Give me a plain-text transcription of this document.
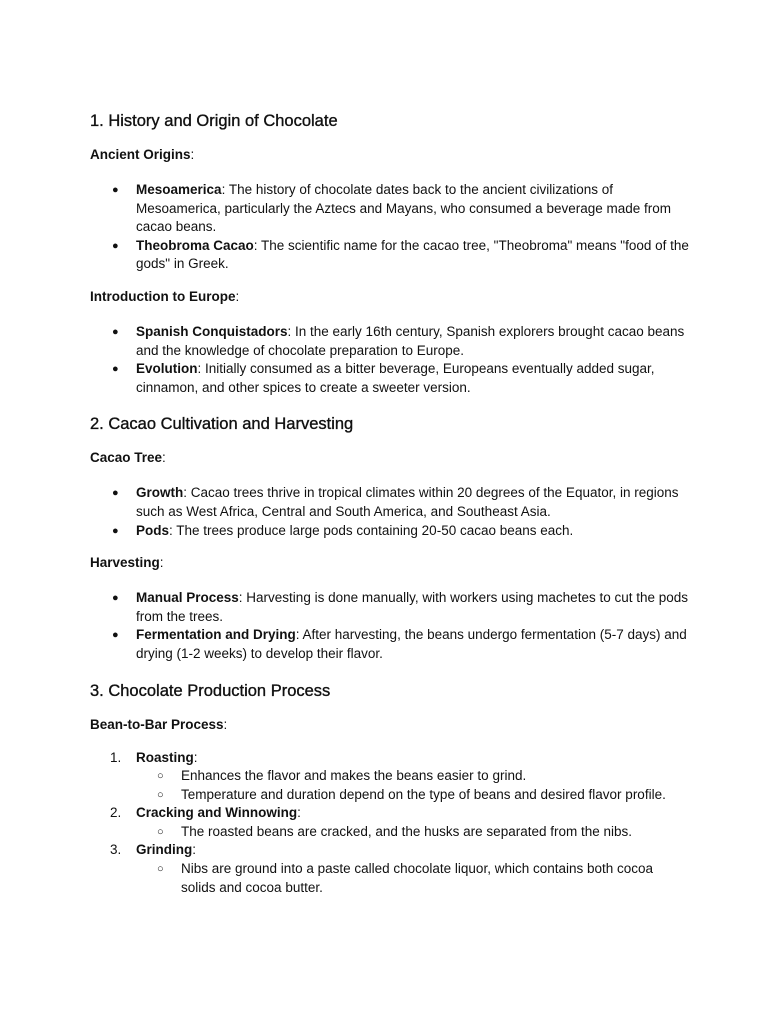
1. History and Origin of Chocolate

Ancient Origins:

● Mesoamerica: The history of chocolate dates back to the ancient civilizations of Mesoamerica, particularly the Aztecs and Mayans, who consumed a beverage made from cacao beans.
● Theobroma Cacao: The scientific name for the cacao tree, "Theobroma" means "food of the gods" in Greek.

Introduction to Europe:

● Spanish Conquistadors: In the early 16th century, Spanish explorers brought cacao beans and the knowledge of chocolate preparation to Europe.
● Evolution: Initially consumed as a bitter beverage, Europeans eventually added sugar, cinnamon, and other spices to create a sweeter version.
2. Cacao Cultivation and Harvesting

Cacao Tree:

● Growth: Cacao trees thrive in tropical climates within 20 degrees of the Equator, in regions such as West Africa, Central and South America, and Southeast Asia.
● Pods: The trees produce large pods containing 20-50 cacao beans each.

Harvesting:

● Manual Process: Harvesting is done manually, with workers using machetes to cut the pods from the trees.
● Fermentation and Drying: After harvesting, the beans undergo fermentation (5-7 days) and drying (1-2 weeks) to develop their flavor.
3. Chocolate Production Process

Bean-to-Bar Process:

1. Roasting:
○ Enhances the flavor and makes the beans easier to grind.
○ Temperature and duration depend on the type of beans and desired flavor profile.
2. Cracking and Winnowing:
○ The roasted beans are cracked, and the husks are separated from the nibs.
3. Grinding:
○ Nibs are ground into a paste called chocolate liquor, which contains both cocoa solids and cocoa butter.
